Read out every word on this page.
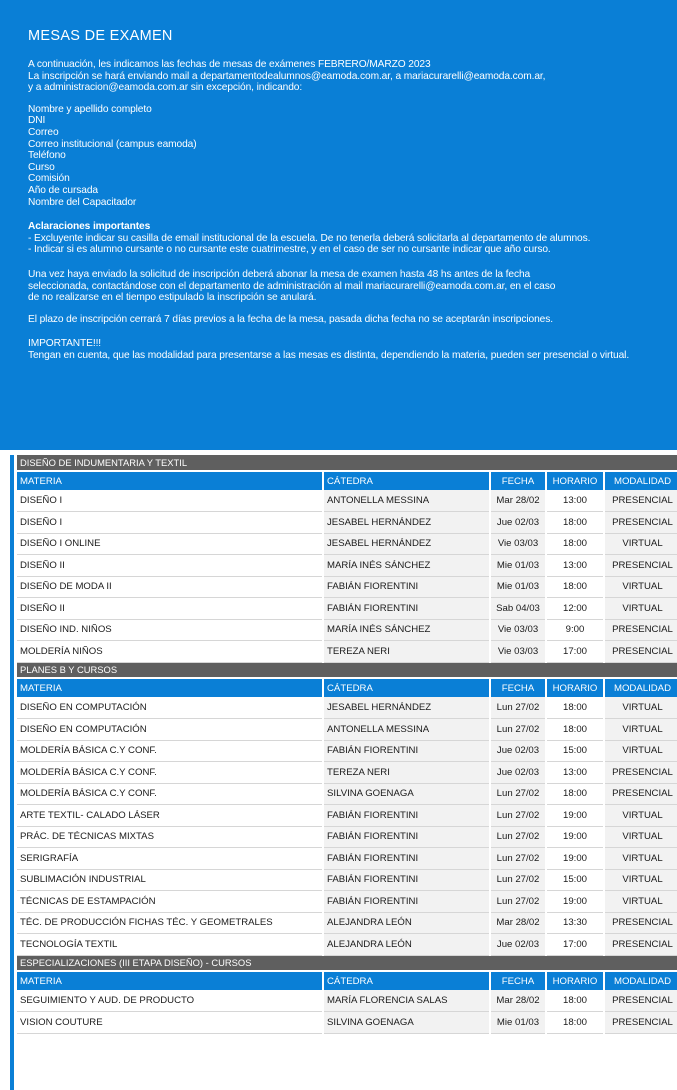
MESAS DE EXAMEN

A continuación, les indicamos las fechas de mesas de exámenes FEBRERO/MARZO 2023
La inscripción se hará enviando mail a departamentodealumnos@eamoda.com.ar, a mariacurarelli@eamoda.com.ar,
y a administracion@eamoda.com.ar sin excepción, indicando:

Nombre y apellido completo
DNI
Correo
Correo institucional (campus eamoda)
Teléfono
Curso
Comisión
Año de cursada
Nombre del Capacitador

Aclaraciones importantes

- Excluyente indicar su casilla de email institucional de la escuela. De no tenerla deberá solicitarla al departamento de alumnos.
- Indicar si es alumno cursante o no cursante este cuatrimestre, y en el caso de ser no cursante indicar que año curso.

Una vez haya enviado la solicitud de inscripción deberá abonar la mesa de examen hasta 48 hs antes de la fecha
seleccionada, contactándose con el departamento de administración al mail mariacurarelli@eamoda.com.ar, en el caso
de no realizarse en el tiempo estipulado la inscripción se anulará.

El plazo de inscripción cerrará 7 días previos a la fecha de la mesa, pasada dicha fecha no se aceptarán inscripciones.

IMPORTANTE!!!

Tengan en cuenta, que las modalidad para presentarse a las mesas es distinta, dependiendo la materia, pueden ser presencial o virtual.

DISEÑO DE INDUMENTARIA Y TEXTIL				
MATERIA	CÁTEDRA	FECHA	HORARIO	MODALIDAD
DISEÑO I	ANTONELLA MESSINA	Mar 28/02	13:00	PRESENCIAL
DISEÑO I	JESABEL HERNÁNDEZ	Jue 02/03	18:00	PRESENCIAL
DISEÑO I ONLINE	JESABEL HERNÁNDEZ	Vie 03/03	18:00	VIRTUAL
DISEÑO II	MARÍA INÉS SÁNCHEZ	Mie 01/03	13:00	PRESENCIAL
DISEÑO DE MODA II	FABIÁN FIORENTINI	Mie 01/03	18:00	VIRTUAL
DISEÑO II	FABIÁN FIORENTINI	Sab 04/03	12:00	VIRTUAL
DISEÑO IND. NIÑOS	MARÍA INÉS SÁNCHEZ	Vie 03/03	9:00	PRESENCIAL
MOLDERÍA NIÑOS	TEREZA NERI	Vie 03/03	17:00	PRESENCIAL
PLANES B Y CURSOS				
MATERIA	CÁTEDRA	FECHA	HORARIO	MODALIDAD
DISEÑO EN COMPUTACIÓN	JESABEL HERNÁNDEZ	Lun 27/02	18:00	VIRTUAL
DISEÑO EN COMPUTACIÓN	ANTONELLA MESSINA	Lun 27/02	18:00	VIRTUAL
MOLDERÍA BÁSICA C.Y CONF.	FABIÁN FIORENTINI	Jue 02/03	15:00	VIRTUAL
MOLDERÍA BÁSICA C.Y CONF.	TEREZA NERI	Jue 02/03	13:00	PRESENCIAL
MOLDERÍA BÁSICA C.Y CONF.	SILVINA GOENAGA	Lun 27/02	18:00	PRESENCIAL
ARTE TEXTIL- CALADO LÁSER	FABIÁN FIORENTINI	Lun 27/02	19:00	VIRTUAL
PRÁC. DE TÉCNICAS MIXTAS	FABIÁN FIORENTINI	Lun 27/02	19:00	VIRTUAL
SERIGRAFÍA	FABIÁN FIORENTINI	Lun 27/02	19:00	VIRTUAL
SUBLIMACIÓN INDUSTRIAL	FABIÁN FIORENTINI	Lun 27/02	15:00	VIRTUAL
TÉCNICAS DE ESTAMPACIÓN	FABIÁN FIORENTINI	Lun 27/02	19:00	VIRTUAL
TÉC. DE PRODUCCIÓN FICHAS TÉC. Y GEOMETRALES	ALEJANDRA LEÓN	Mar 28/02	13:30	PRESENCIAL
TECNOLOGÍA TEXTIL	ALEJANDRA LEÓN	Jue 02/03	17:00	PRESENCIAL
ESPECIALIZACIONES (III ETAPA DISEÑO) - CURSOS				
MATERIA	CÁTEDRA	FECHA	HORARIO	MODALIDAD
SEGUIMIENTO Y AUD. DE PRODUCTO	MARÍA FLORENCIA SALAS	Mar 28/02	18:00	PRESENCIAL
VISION COUTURE	SILVINA GOENAGA	Mie 01/03	18:00	PRESENCIAL
